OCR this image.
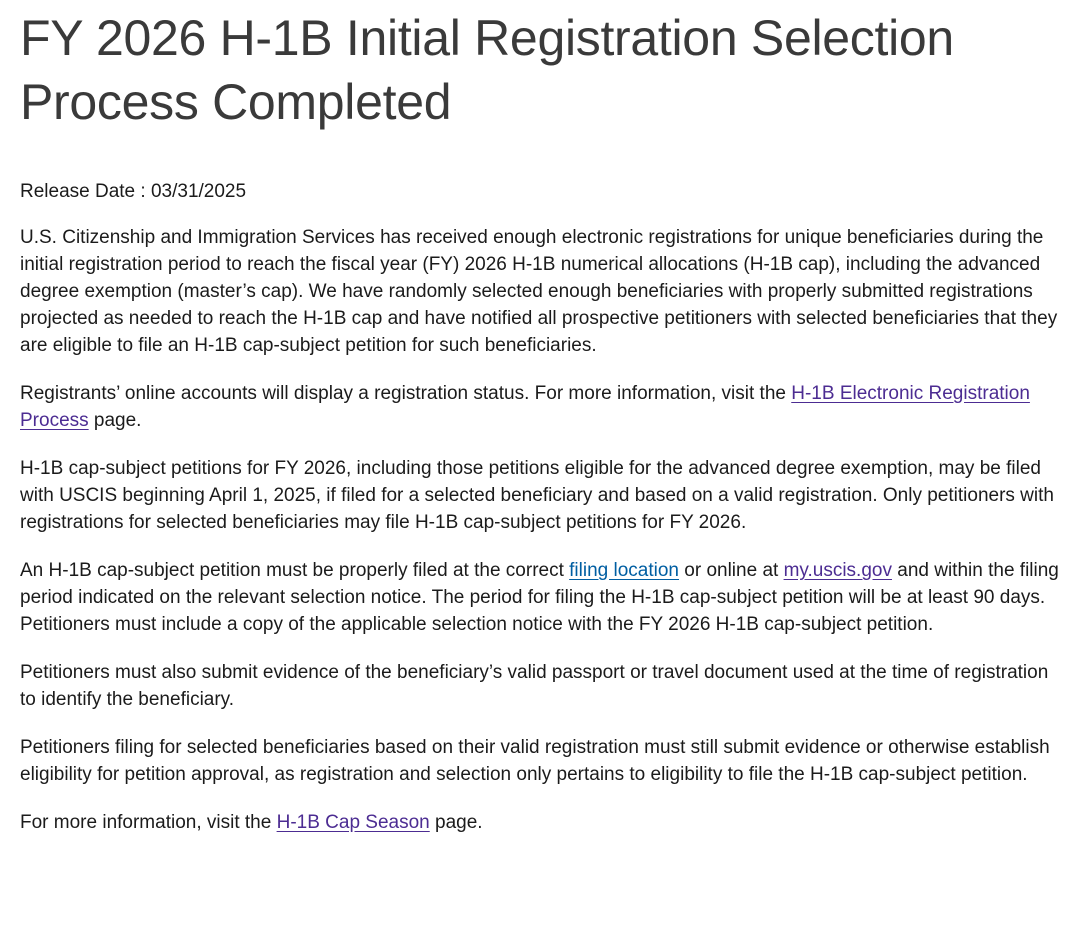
FY 2026 H-1B Initial Registration Selection Process Completed

Release Date : 03/31/2025

U.S. Citizenship and Immigration Services has received enough electronic registrations for unique beneficiaries during the initial registration period to reach the fiscal year (FY) 2026 H-1B numerical allocations (H-1B cap), including the advanced degree exemption (master’s cap). We have randomly selected enough beneficiaries with properly submitted registrations projected as needed to reach the H-1B cap and have notified all prospective petitioners with selected beneficiaries that they are eligible to file an H-1B cap-subject petition for such beneficiaries.

Registrants’ online accounts will display a registration status. For more information, visit the H-1B Electronic Registration Process page.

H-1B cap-subject petitions for FY 2026, including those petitions eligible for the advanced degree exemption, may be filed with USCIS beginning April 1, 2025, if filed for a selected beneficiary and based on a valid registration. Only petitioners with registrations for selected beneficiaries may file H-1B cap-subject petitions for FY 2026.

An H-1B cap-subject petition must be properly filed at the correct filing location or online at my.uscis.gov and within the filing period indicated on the relevant selection notice. The period for filing the H-1B cap-subject petition will be at least 90 days. Petitioners must include a copy of the applicable selection notice with the FY 2026 H-1B cap-subject petition.

Petitioners must also submit evidence of the beneficiary’s valid passport or travel document used at the time of registration to identify the beneficiary.

Petitioners filing for selected beneficiaries based on their valid registration must still submit evidence or otherwise establish eligibility for petition approval, as registration and selection only pertains to eligibility to file the H-1B cap-subject petition.

For more information, visit the H-1B Cap Season page.
